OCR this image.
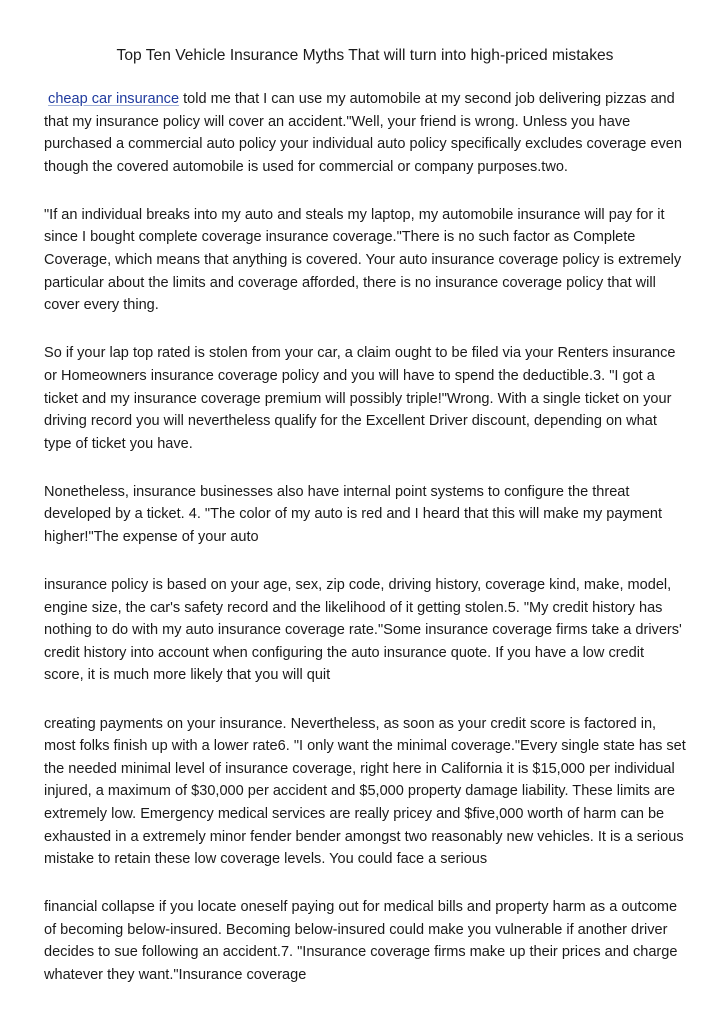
Top Ten Vehicle Insurance Myths That will turn into high-priced mistakes

cheap car insurance told me that I can use my automobile at my second job delivering pizzas and that my insurance policy will cover an accident."Well, your friend is wrong. Unless you have purchased a commercial auto policy your individual auto policy specifically excludes coverage even though the covered automobile is used for commercial or company purposes.two.

"If an individual breaks into my auto and steals my laptop, my automobile insurance will pay for it since I bought complete coverage insurance coverage."There is no such factor as Complete Coverage, which means that anything is covered. Your auto insurance coverage policy is extremely particular about the limits and coverage afforded, there is no insurance coverage policy that will cover every thing.

So if your lap top rated is stolen from your car, a claim ought to be filed via your Renters insurance or Homeowners insurance coverage policy and you will have to spend the deductible.3. "I got a ticket and my insurance coverage premium will possibly triple!"Wrong. With a single ticket on your driving record you will nevertheless qualify for the Excellent Driver discount, depending on what type of ticket you have.

Nonetheless, insurance businesses also have internal point systems to configure the threat developed by a ticket. 4. "The color of my auto is red and I heard that this will make my payment higher!"The expense of your auto

insurance policy is based on your age, sex, zip code, driving history, coverage kind, make, model, engine size, the car's safety record and the likelihood of it getting stolen.5. "My credit history has nothing to do with my auto insurance coverage rate."Some insurance coverage firms take a drivers' credit history into account when configuring the auto insurance quote. If you have a low credit score, it is much more likely that you will quit

creating payments on your insurance. Nevertheless, as soon as your credit score is factored in, most folks finish up with a lower rate6. "I only want the minimal coverage."Every single state has set the needed minimal level of insurance coverage, right here in California it is $15,000 per individual injured, a maximum of $30,000 per accident and $5,000 property damage liability. These limits are extremely low. Emergency medical services are really pricey and $five,000 worth of harm can be exhausted in a extremely minor fender bender amongst two reasonably new vehicles. It is a serious mistake to retain these low coverage levels. You could face a serious

financial collapse if you locate oneself paying out for medical bills and property harm as a outcome of becoming below-insured. Becoming below-insured could make you vulnerable if another driver decides to sue following an accident.7. "Insurance coverage firms make up their prices and charge whatever they want."Insurance coverage
